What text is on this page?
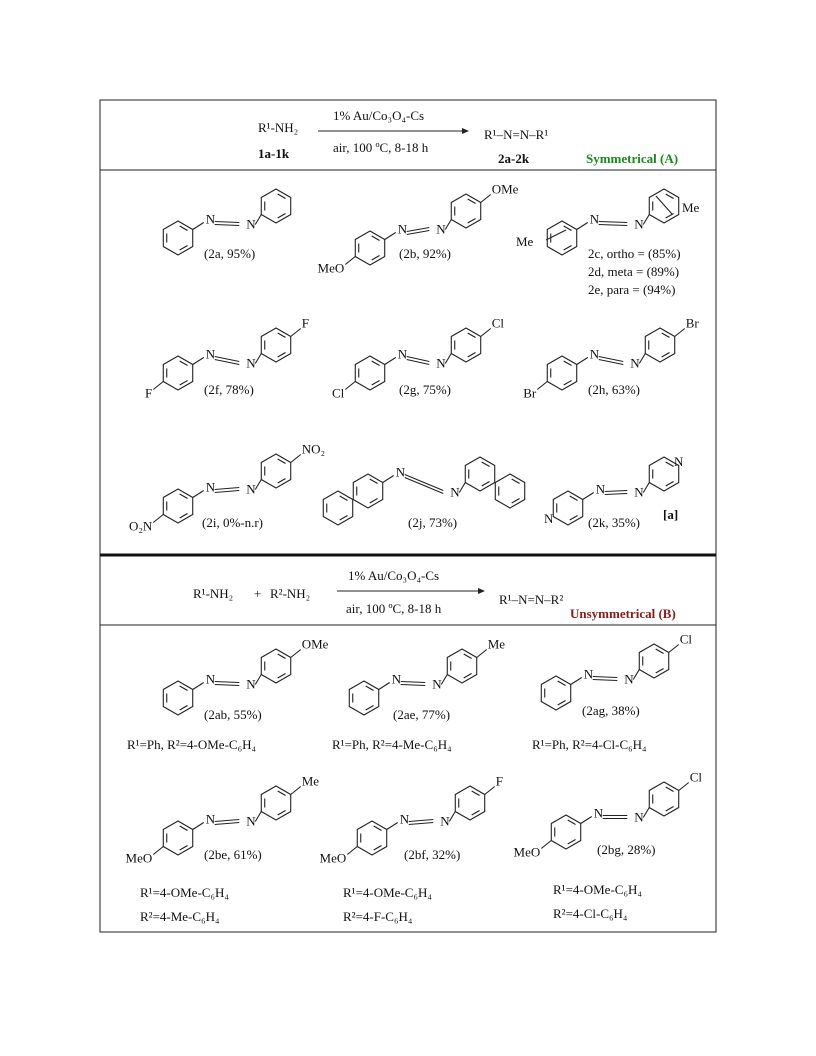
R¹-NH₂
1a-1k
1% Au/Co₃O₄-Cs
air, 100 ºC, 8-18 h
R¹–N=N–R¹
2a-2k	Symmetrical (A)
R¹-NH₂ + R²-NH₂
1% Au/Co₃O₄-Cs
air, 100 ºC, 8-18 h
R¹–N=N–R²
Unsymmetrical (B)
N N	N N
OMe
MeO
N	N
Me
Me
N
N
F
F
N
N
Cl
Cl
N
N
Br
Br
N N
NO₂
O₂N
N
N	N N
N
N
N N
OMe
N N
Me
N N
Cl
N N
Me
MeO
N N
F
MeO
N N
Cl
MeO
(2a, 95%)	(2b, 92%)	2c, ortho = (85%)
2d, meta = (89%)
2e, para = (94%)
(2f, 78%)	(2g, 75%)	(2h, 63%)
(2i, 0%-n.r)	(2j, 73%)	(2k, 35%)
[a]
(2ab, 55%)	(2ae, 77%)	(2ag, 38%)
R¹=Ph, R²=4-OMe-C₆H₄	R¹=Ph, R²=4-Me-C₆H₄	R¹=Ph, R²=4-Cl-C₆H₄
(2be, 61%)	(2bf, 32%)	(2bg, 28%)
R¹=4-OMe-C₆H₄
R²=4-Me-C₆H₄
R¹=4-OMe-C₆H₄
R²=4-F-C₆H₄
R¹=4-OMe-C₆H₄
R²=4-Cl-C₆H₄
